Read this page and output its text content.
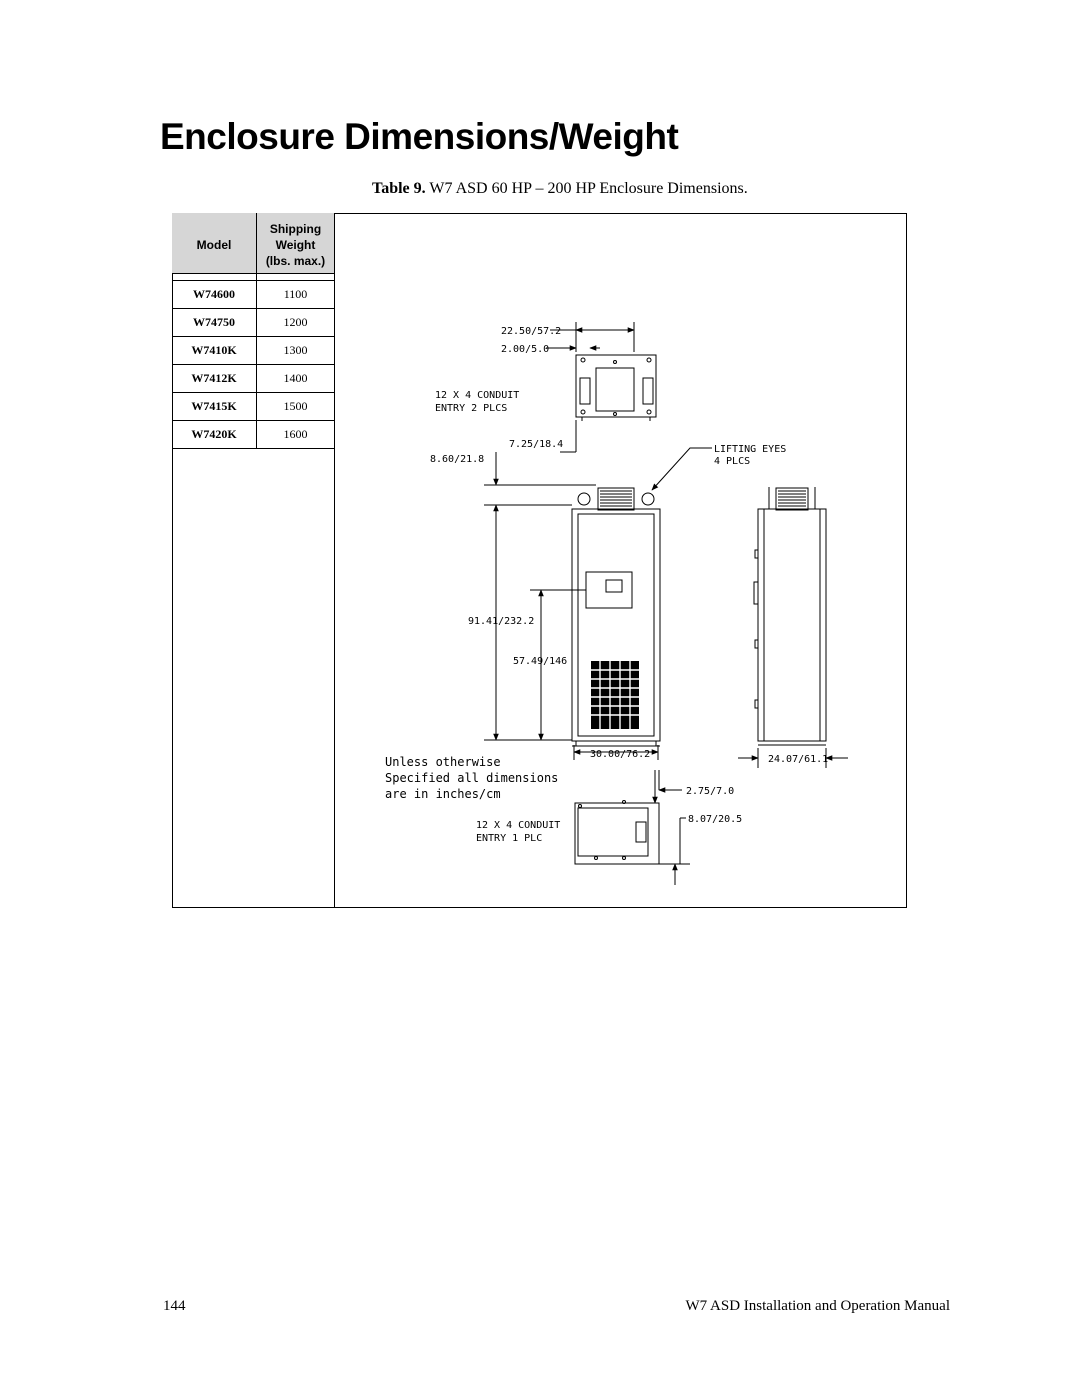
Enclosure Dimensions/Weight
Table 9. W7 ASD 60 HP – 200 HP Enclosure Dimensions.
Model	Shipping
Weight
(lbs. max.)

W74600	1100
W74750	1200
W7410K	1300
W7412K	1400
W7415K	1500
W7420K	1600
22.50/57.2
2.00/5.0
12 X 4 CONDUIT
ENTRY 2 PLCS
7.25/18.4
8.60/21.8
LIFTING EYES
4 PLCS
91.41/232.2
57.49/146
30.00/76.2	24.07/61.1
Unless otherwise
Specified all dimensions
are in inches/cm	2.75/7.0
12 X 4 CONDUIT
ENTRY 1 PLC
8.07/20.5
144	W7 ASD Installation and Operation Manual
